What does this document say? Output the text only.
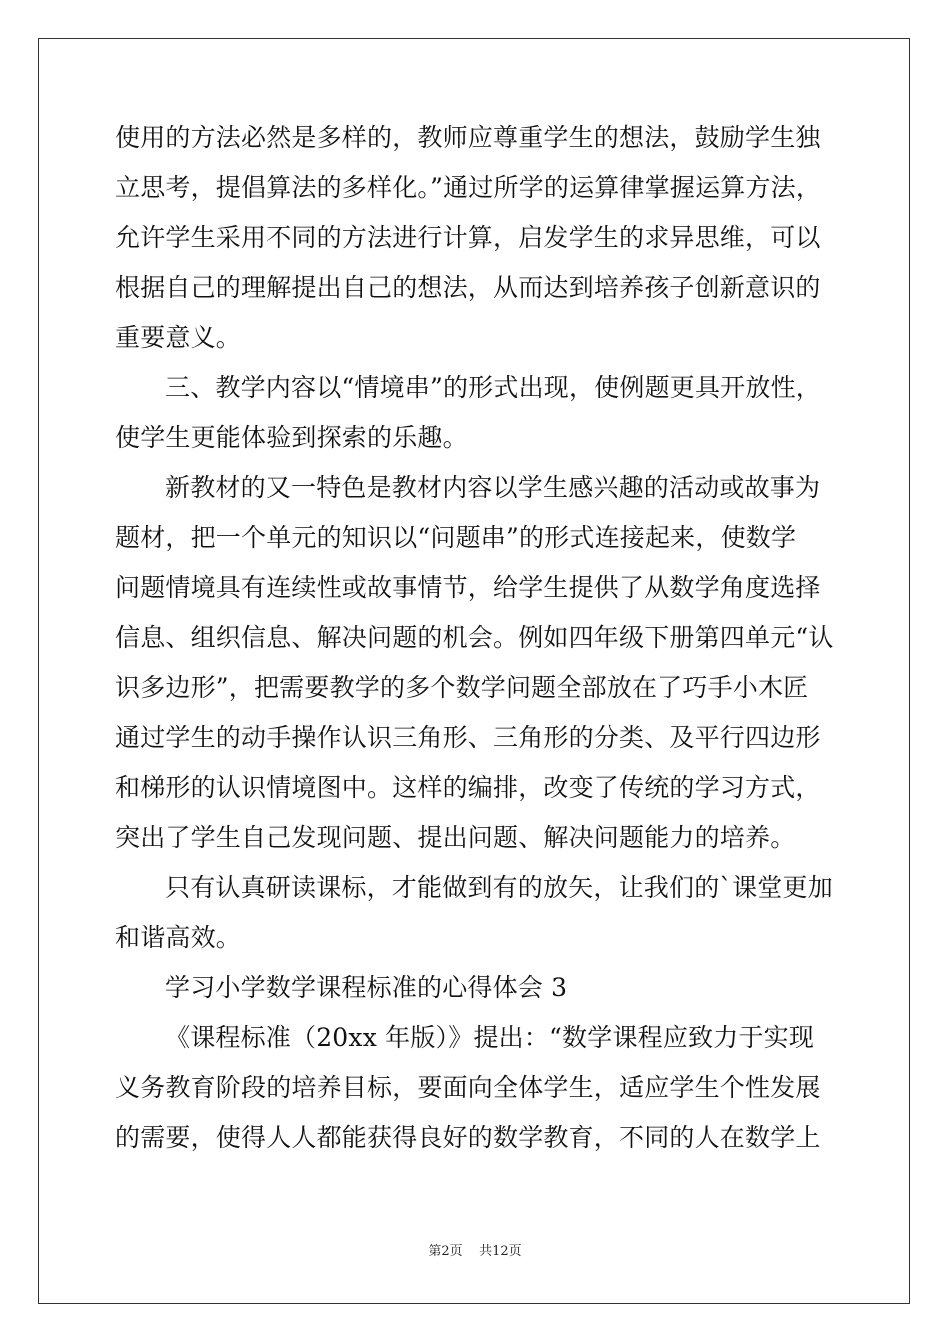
使用的方法必然是多样的，教师应尊重学生的想法，鼓励学生独
立思考，提倡算法的多样化。”通过所学的运算律掌握运算方法，
允许学生采用不同的方法进行计算，启发学生的求异思维，可以
根据自己的理解提出自己的想法，从而达到培养孩子创新意识的
重要意义。
三、教学内容以“情境串”的形式出现，使例题更具开放性，
使学生更能体验到探索的乐趣。
新教材的又一特色是教材内容以学生感兴趣的活动或故事为
题材，把一个单元的知识以“问题串”的形式连接起来，使数学
问题情境具有连续性或故事情节，给学生提供了从数学角度选择
信息、组织信息、解决问题的机会。例如四年级下册第四单元“认
识多边形”，把需要教学的多个数学问题全部放在了巧手小木匠
通过学生的动手操作认识三角形、三角形的分类、及平行四边形
和梯形的认识情境图中。这样的编排，改变了传统的学习方式，
突出了学生自己发现问题、提出问题、解决问题能力的培养。
只有认真研读课标，才能做到有的放矢，让我们的`课堂更加
和谐高效。
学习小学数学课程标准的心得体会 3
《课程标准（20xx 年版）》提出：“数学课程应致力于实现
义务教育阶段的培养目标，要面向全体学生，适应学生个性发展
的需要，使得人人都能获得良好的数学教育，不同的人在数学上
第2页    共12页
